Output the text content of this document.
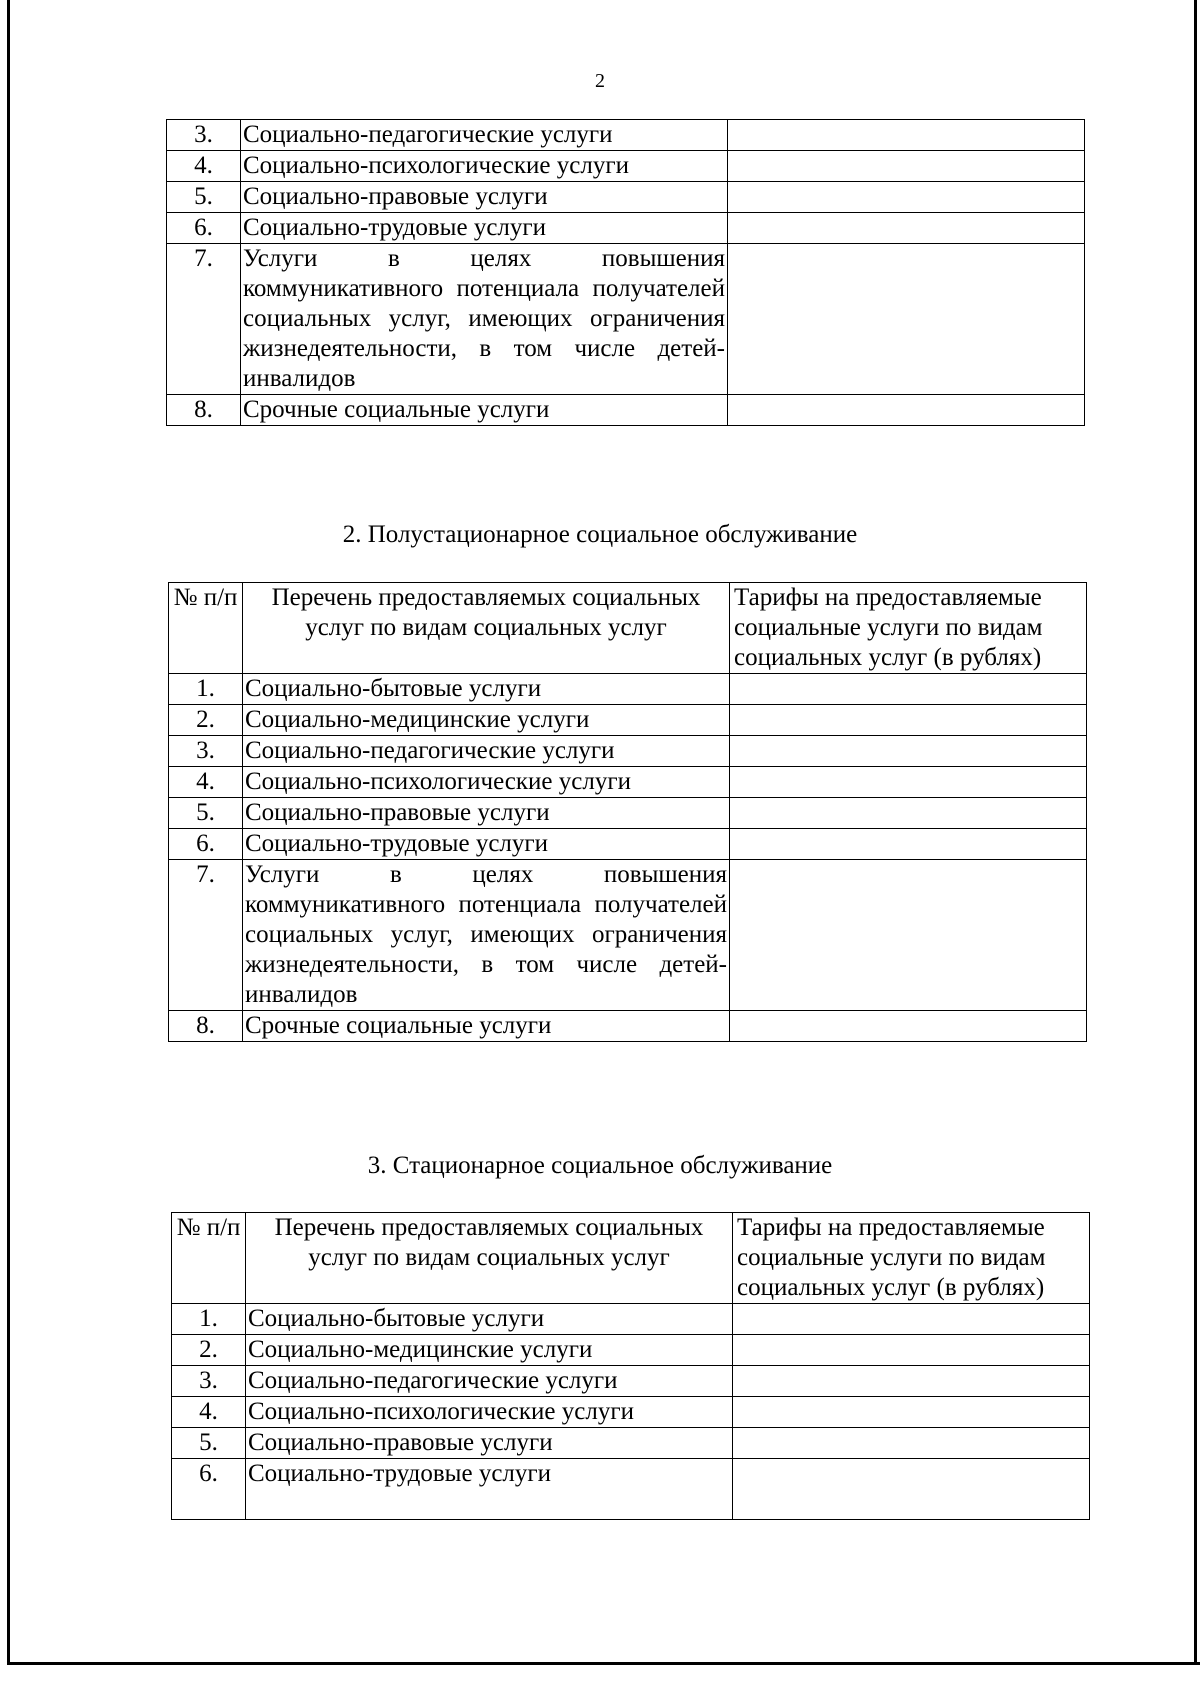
2
3.	Социально-педагогические услуги	
4.	Социально-психологические услуги	
5.	Социально-правовые услуги	
6.	Социально-трудовые услуги	
7.	Услуги в целях повышения коммуникативного потенциала получателей социальных услуг, имеющих ограничения жизнедеятельности, в том числе детей-инвалидов	
8.	Срочные социальные услуги	
2. Полустационарное социальное обслуживание
№ п/п	Перечень предоставляемых социальных услуг по видам социальных услуг	Тарифы на предоставляемые социальные услуги по видам социальных услуг (в рублях)
1.	Социально-бытовые услуги	
2.	Социально-медицинские услуги	
3.	Социально-педагогические услуги	
4.	Социально-психологические услуги	
5.	Социально-правовые услуги	
6.	Социально-трудовые услуги	
7.	Услуги в целях повышения коммуникативного потенциала получателей социальных услуг, имеющих ограничения жизнедеятельности, в том числе детей-инвалидов	
8.	Срочные социальные услуги	
3. Стационарное социальное обслуживание
№ п/п	Перечень предоставляемых социальных услуг по видам социальных услуг	Тарифы на предоставляемые социальные услуги по видам социальных услуг (в рублях)
1.	Социально-бытовые услуги	
2.	Социально-медицинские услуги	
3.	Социально-педагогические услуги	
4.	Социально-психологические услуги	
5.	Социально-правовые услуги	
6.	Социально-трудовые услуги	
